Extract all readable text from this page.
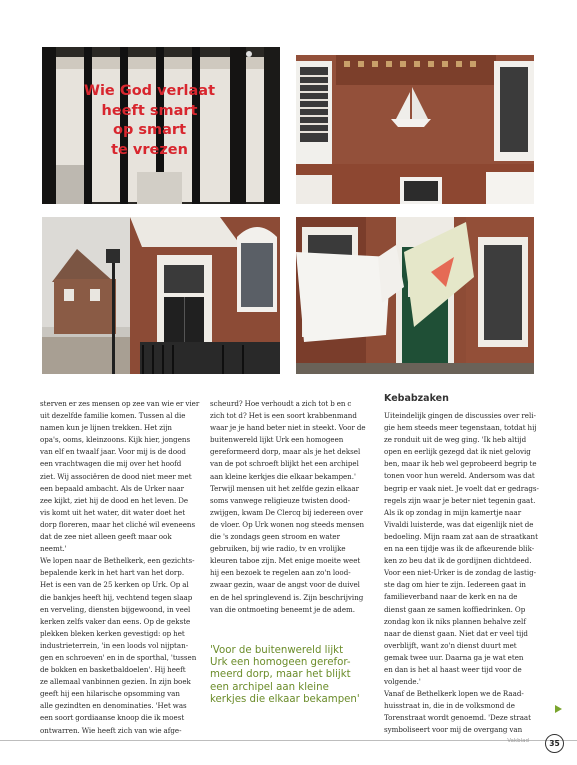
Wie God verlaat
heeft smart
op smart
te vrezen

sterven er zes mensen op zee van wie er vier

uit dezelfde familie komen. Tussen al die

namen kun je lijnen trekken. Het zijn

opa's, ooms, kleinzoons. Kijk hier, jongens

van elf en twaalf jaar. Voor mij is de dood

een vrachtwagen die mij over het hoofd

ziet. Wij associëren de dood niet meer met

een bepaald ambacht. Als de Urker naar

zee kijkt, ziet hij de dood en het leven. De

vis komt uit het water, dit water doet het

dorp floreren, maar het cliché wil eveneens

dat de zee niet alleen geeft maar ook

neemt.'

We lopen naar de Bethelkerk, een gezichts-

bepalende kerk in het hart van het dorp.

Het is een van de 25 kerken op Urk. Op al

die bankjes heeft hij, vechtend tegen slaap

en verveling, diensten bijgewoond, in veel

kerken zelfs vaker dan eens. Op de gekste

plekken bleken kerken gevestigd: op het

industrieterrein, 'in een loods vol nijptan-

gen en schroeven' en in de sporthal, 'tussen

de bokken en basketbaldoelen'. Hij heeft

ze allemaal vanbinnen gezien. In zijn boek

geeft hij een hilarische opsomming van

alle gezindten en denominaties. 'Het was

een soort gordiaanse knoop die ik moest

ontwarren. Wie heeft zich van wie afge-

scheurd? Hoe verhoudt a zich tot b en c

zich tot d? Het is een soort krabbenmand

waar je je hand beter niet in steekt. Voor de

buitenwereld lijkt Urk een homogeen

gereformeerd dorp, maar als je het deksel

van de pot schroeft blijkt het een archipel

aan kleine kerkjes die elkaar bekampen.'

Terwijl mensen uit het zelfde gezin elkaar

soms vanwege religieuze twisten dood-

zwijgen, kwam De Clercq bij iedereen over

de vloer. Op Urk wonen nog steeds mensen

die 's zondags geen stroom en water

gebruiken, bij wie radio, tv en vrolijke

kleuren taboe zijn. Met enige moeite weet

hij een bezoek te regelen aan zo'n lood-

zwaar gezin, waar de angst voor de duivel

en de hel springlevend is. Zijn beschrijving

van die ontmoeting beneemt je de adem.

'Voor de buitenwereld lijkt
Urk een homogeen gerefor-
meerd dorp, maar het blijkt
een archipel aan kleine
kerkjes die elkaar bekampen'
Kebabzaken

Uiteindelijk gingen de discussies over reli-

gie hem steeds meer tegenstaan, totdat hij

ze ronduit uit de weg ging. 'Ik heb altijd

open en eerlijk gezegd dat ik niet gelovig

ben, maar ik heb wel geprobeerd begrip te

tonen voor hun wereld. Andersom was dat

begrip er vaak niet. Je voelt dat er gedrags-

regels zijn waar je beter niet tegenin gaat.

Als ik op zondag in mijn kamertje naar

Vivaldi luisterde, was dat eigenlijk niet de

bedoeling. Mijn raam zat aan de straatkant

en na een tijdje was ik de afkeurende blik-

ken zo beu dat ik de gordijnen dichtdeed.

Voor een niet-Urker is de zondag de lastig-

ste dag om hier te zijn. Iedereen gaat in

familieverband naar de kerk en na de

dienst gaan ze samen koffiedrinken. Op

zondag kon ik niks plannen behalve zelf

naar de dienst gaan. Niet dat er veel tijd

overblijft, want zo'n dienst duurt met

gemak twee uur. Daarna ga je wat eten

en dan is het al haast weer tijd voor de

volgende.'

Vanaf de Bethelkerk lopen we de Raad-

huisstraat in, die in de volksmond de

Torenstraat wordt genoemd. 'Deze straat

symboliseert voor mij de overgang van

Vakblad	35
